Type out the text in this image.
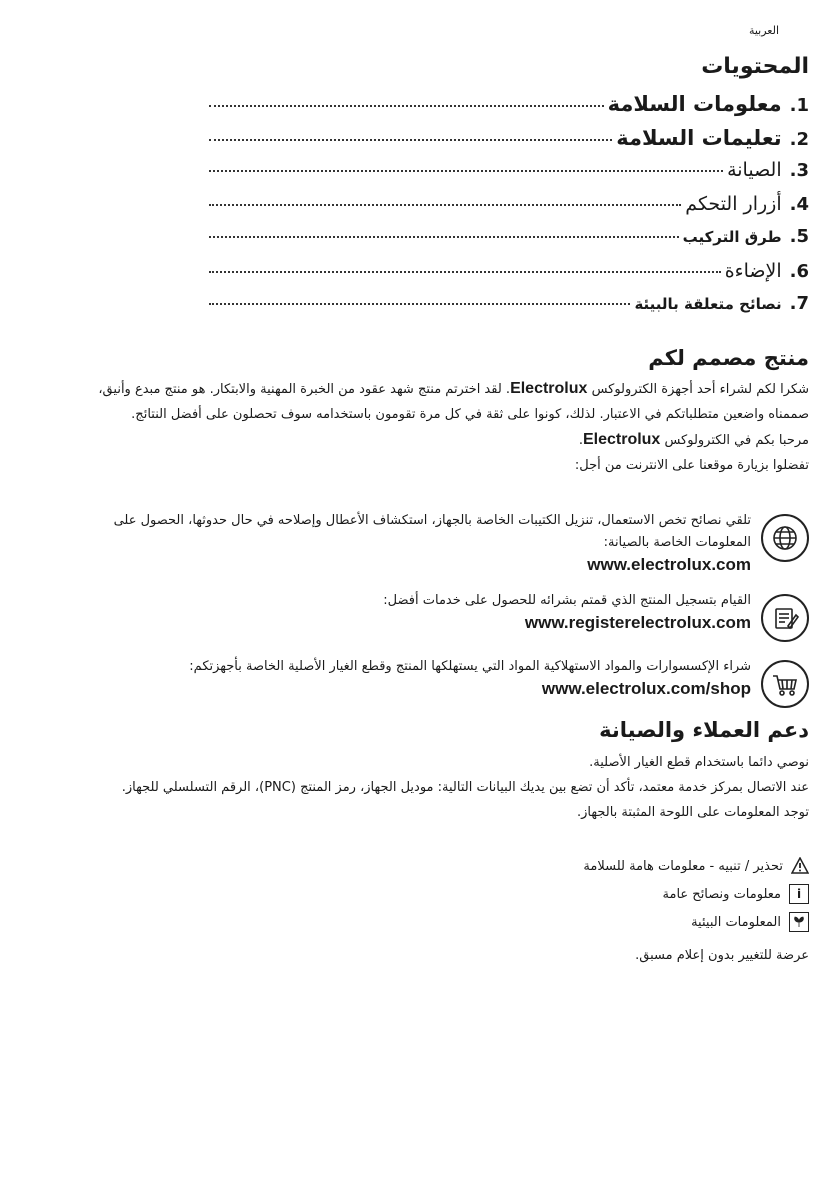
العربية
المحتويات
1.
معلومات السلامة
2.
تعليمات السلامة
3.
الصيانة
4.
أزرار التحكم
5.
طرق التركيب
6.
الإضاءة
7.
نصائح متعلقة بالبيئة
منتج مصمم لكم

شكرا لكم لشراء أحد أجهزة الكترولوكس Electrolux. لقد اخترتم منتج شهد عقود من الخبرة المهنية والابتكار. هو منتج مبدع وأنيق، صممناه واضعين متطلباتكم في الاعتبار. لذلك، كونوا على ثقة في كل مرة تقومون باستخدامه سوف تحصلون على أفضل النتائج.

مرحبا بكم في الكترولوكس Electrolux.

تفضلوا بزيارة موقعنا على الانترنت من أجل:

تلقي نصائح تخص الاستعمال، تنزيل الكتيبات الخاصة بالجهاز، استكشاف الأعطال وإصلاحه في حال حدوثها، الحصول على المعلومات الخاصة بالصيانة:
www.electrolux.com
القيام بتسجيل المنتج الذي قمتم بشرائه للحصول على خدمات أفضل:
www.registerelectrolux.com
شراء الإكسسوارات والمواد الاستهلاكية المواد التي يستهلكها المنتج وقطع الغيار الأصلية الخاصة بأجهزتكم:
www.electrolux.com/shop
دعم العملاء والصيانة

نوصي دائما باستخدام قطع الغيار الأصلية.

عند الاتصال بمركز خدمة معتمد، تأكد أن تضع بين يديك البيانات التالية: موديل الجهاز، رمز المنتج (PNC)، الرقم التسلسلي للجهاز.

توجد المعلومات على اللوحة المثبتة بالجهاز.

تحذير / تنبيه - معلومات هامة للسلامة
i
معلومات ونصائح عامة
المعلومات البيئية
عرضة للتغيير بدون إعلام مسبق.
